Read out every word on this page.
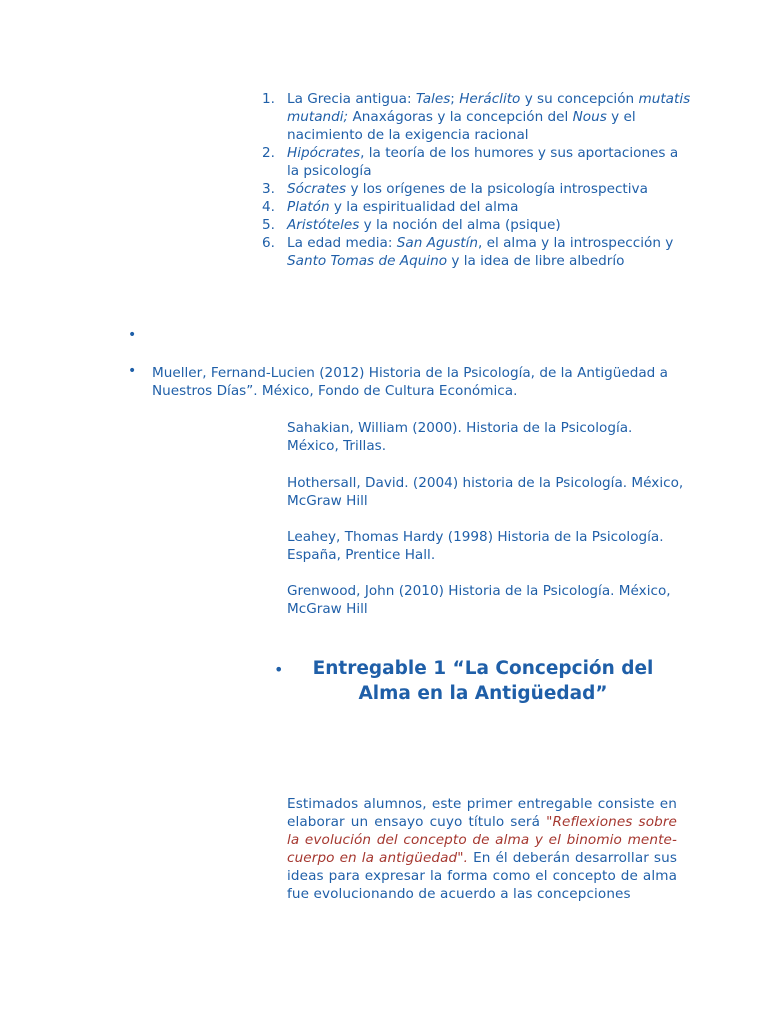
1. La Grecia antigua: Tales; Heráclito y su concepción mutatis mutandi; Anaxágoras y la concepción del Nous y el nacimiento de la exigencia racional
2. Hipócrates, la teoría de los humores y sus aportaciones a la psicología
3. Sócrates y los orígenes de la psicología introspectiva
4. Platón y la espiritualidad del alma
5. Aristóteles y la noción del alma (psique)
6. La edad media: San Agustín, el alma y la introspección y Santo Tomas de Aquino y la idea de libre albedrío
•
• Mueller, Fernand-Lucien (2012) Historia de la Psicología, de la Antigüedad a Nuestros Días”. México, Fondo de Cultura Económica.
Sahakian, William (2000). Historia de la Psicología. México, Trillas.
Hothersall, David. (2004) historia de la Psicología. México, McGraw Hill
Leahey, Thomas Hardy (1998) Historia de la Psicología. España, Prentice Hall.
Grenwood, John (2010) Historia de la Psicología. México, McGraw Hill
•	Entregable 1 “La Concepción del
Alma en la Antigüedad”
Estimados alumnos, este primer entregable consiste en elaborar un ensayo cuyo título será "Reflexiones sobre la evolución del concepto de alma y el binomio mente-cuerpo en la antigüedad". En él deberán desarrollar sus ideas para expresar la forma como el concepto de alma fue evolucionando de acuerdo a las concepciones
